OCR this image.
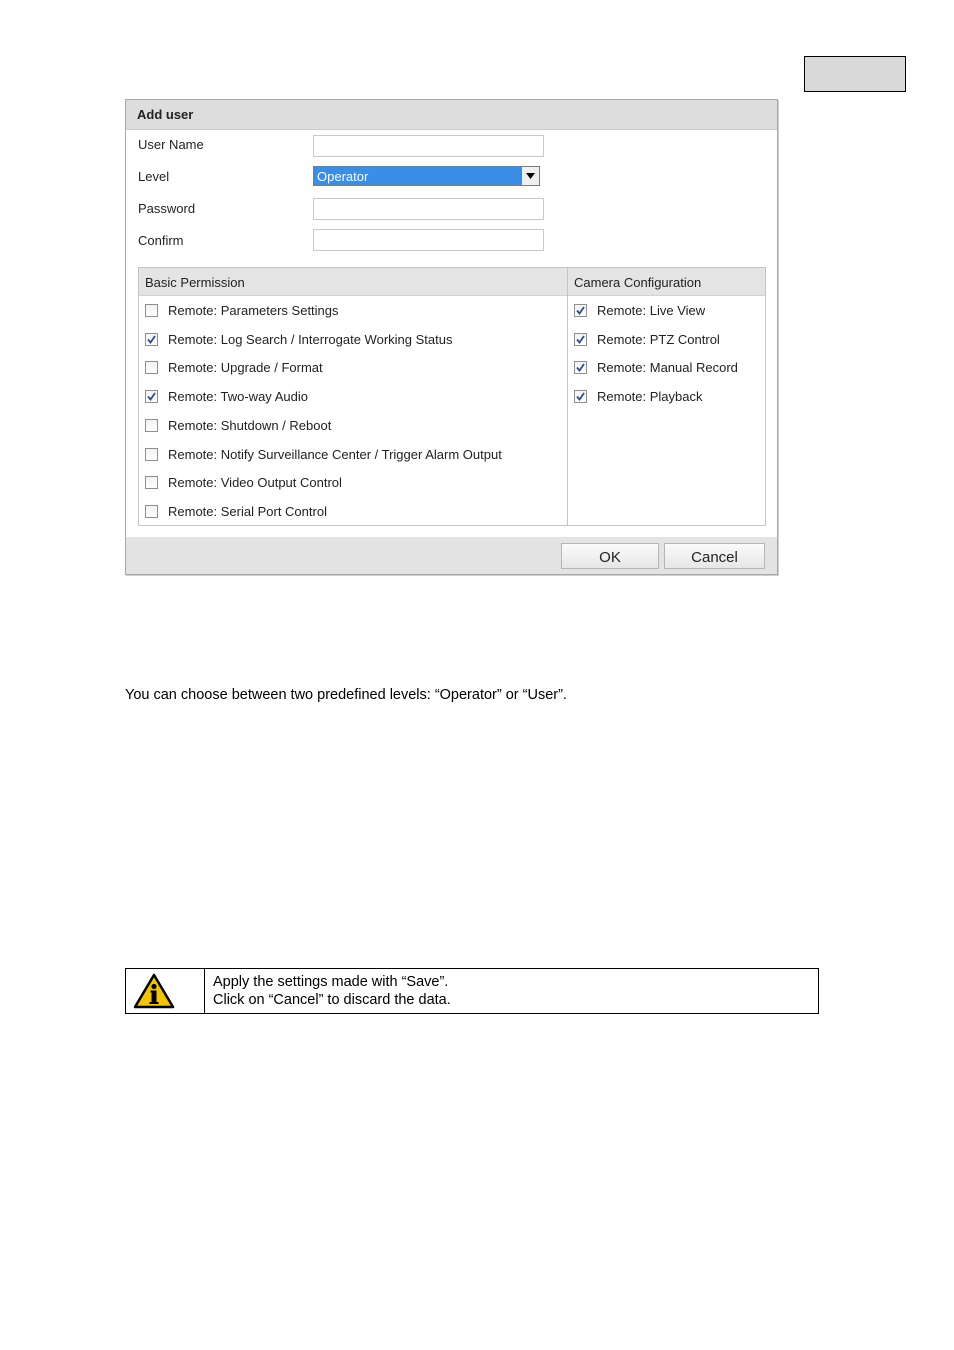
Add user
User Name
Level	Operator
Password
Confirm
Basic Permission
Remote: Parameters Settings
Remote: Log Search / Interrogate Working Status
Remote: Upgrade / Format
Remote: Two-way Audio
Remote: Shutdown / Reboot
Remote: Notify Surveillance Center / Trigger Alarm Output
Remote: Video Output Control
Remote: Serial Port Control
Camera Configuration
Remote: Live View
Remote: PTZ Control
Remote: Manual Record
Remote: Playback
OK	Cancel
You can choose between two predefined levels: “Operator” or “User”.
Apply the settings made with “Save”.
Click on “Cancel” to discard the data.
